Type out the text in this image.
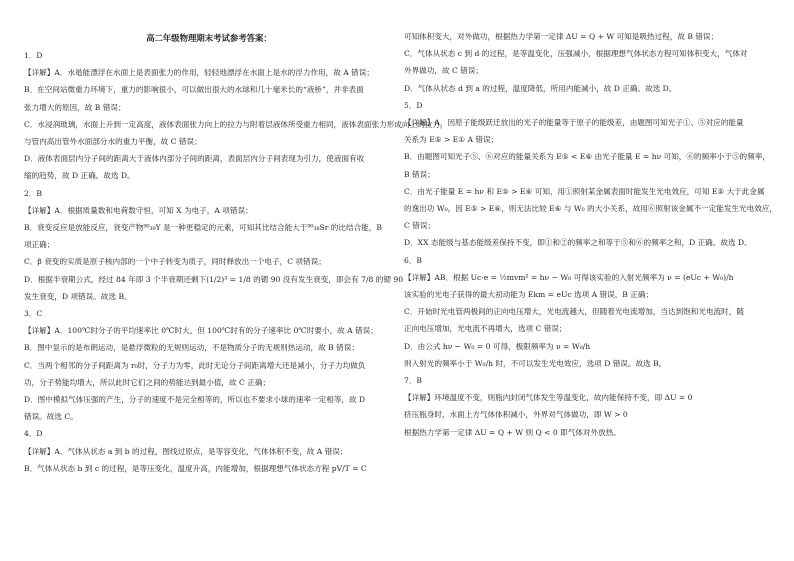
高二年级物理期末考试参考答案：
1．D
【详解】A．水黾能漂浮在水面上是表面张力的作用，轻轻地漂浮在水面上是水的浮力作用，故 A 错误；
B．在空间站微重力环境下，重力的影响很小，可以做出很大的水球和几十毫米长的“液桥”，并非表面
张力增大的原因，故 B 错误；
C．水浸润玻璃，水面上升到一定高度，液体表面张力向上的拉力与附着层液体所受重力相同，液体表面张力形成向上的拉力，
与管内高出管外水面部分水的重力平衡，故 C 错误；
D．液体表面层内分子间的距离大于液体内部分子间的距离，表面层内分子间表现为引力，使液面有收
缩的趋势，故 D 正确。故选 D。
2．B
【详解】A．根据质量数和电荷数守恒，可知 X 为电子，A 项错误；
B．衰变反应是放能反应，衰变产物⁹⁰₃₉Y 是一种更稳定的元素，可知其比结合能大于⁹⁰₃₈Sr 的比结合能，B
项正确；
C．β 衰变的实质是原子核内部的一个中子转变为质子，同时释放出一个电子，C 项错误；
D．根据半衰期公式，经过 84 年即 3 个半衰期还剩下(1/2)³ = 1/8 的锶 90 没有发生衰变，即会有 7/8 的锶 90
发生衰变，D 项错误。故选 B。
3．C
【详解】A．100℃时分子的平均速率比 0℃时大，但 100℃时有的分子速率比 0℃时要小，故 A 错误；
B．图中显示的是布朗运动，是悬浮微粒的无规则运动，不是物质分子的无规则热运动，故 B 错误；
C．当两个相邻的分子间距离为 r₀时，分子力为零，此时无论分子间距离增大还是减小，分子力均做负
功，分子势能均增大，所以此时它们之间的势能达到最小值，故 C 正确；
D．图中模拟气体压强的产生，分子的速度不是完全相等的，所以也不要求小球的速率一定相等，故 D
错误。故选 C。
4．D
【详解】A．气体从状态 a 到 b 的过程，图线过原点，是等容变化，气体体积不变，故 A 错误；
B．气体从状态 b 到 c 的过程，是等压变化，温度升高，内能增加，根据理想气体状态方程 pV/T = C
可知体积变大，对外做功，根据热力学第一定律 ΔU = Q + W 可知是吸热过程，故 B 错误；
C．气体从状态 c 到 d 的过程，是等温变化，压强减小，根据理想气体状态方程可知体积变大，气体对
外界做功，故 C 错误；
D．气体从状态 d 到 a 的过程，温度降低，所用内能减小，故 D 正确。故选 D。
5．D
【详解】A．因原子能级跃迁放出的光子的能量等于原子的能级差，由题图可知光子①、⑤对应的能量
关系为 E⑤ > E① A 错误；
B．由题图可知光子⑤、⑥对应的能量关系为 E⑤ < E⑥ 由光子能量 E = hν 可知，⑥的频率小于⑤的频率，
B 错误；
C．由光子能量 E = hν 和 E⑤ > E⑥ 可知，用①照射某金属表面时能发生光电效应，可知 E⑤ 大于此金属
的逸出功 W₀，因 E⑤ > E⑥，则无法比较 E⑥ 与 W₀ 的大小关系，故用⑥照射该金属不一定能发生光电效应，
C 错误；
D．XX 态能级与基态能级差保持不变，即①和②的频率之和等于⑤和⑥的频率之和，D 正确。故选 D。
6．B
【详解】AB．根据 Uc·e = ½mvm² = hν − W₀ 可得该实验的入射光频率为 ν = (eUc + W₀)/h
该实验的光电子获得的最大初动能为 Ekm = eUc 选项 A 错误，B 正确；
C．开始时光电管两极间的正向电压增大，光电流越大，但随着光电流增加，当达到饱和光电流时，随
正向电压增加，光电流不再增大，选项 C 错误；
D．由公式 hν − W₀ = 0 可得，极限频率为 ν = W₀/h
则入射光的频率小于 W₀/h 时，不可以发生光电效应，选项 D 错误。故选 B。
7．B
【详解】环境温度不变，则瓶内封闭气体发生等温变化，故内能保持不变，即 ΔU = 0
挤压瓶身时，水面上方气体体积减小，外界对气体做功，即 W > 0
根据热力学第一定律 ΔU = Q + W 则 Q < 0 即气体对外放热。
